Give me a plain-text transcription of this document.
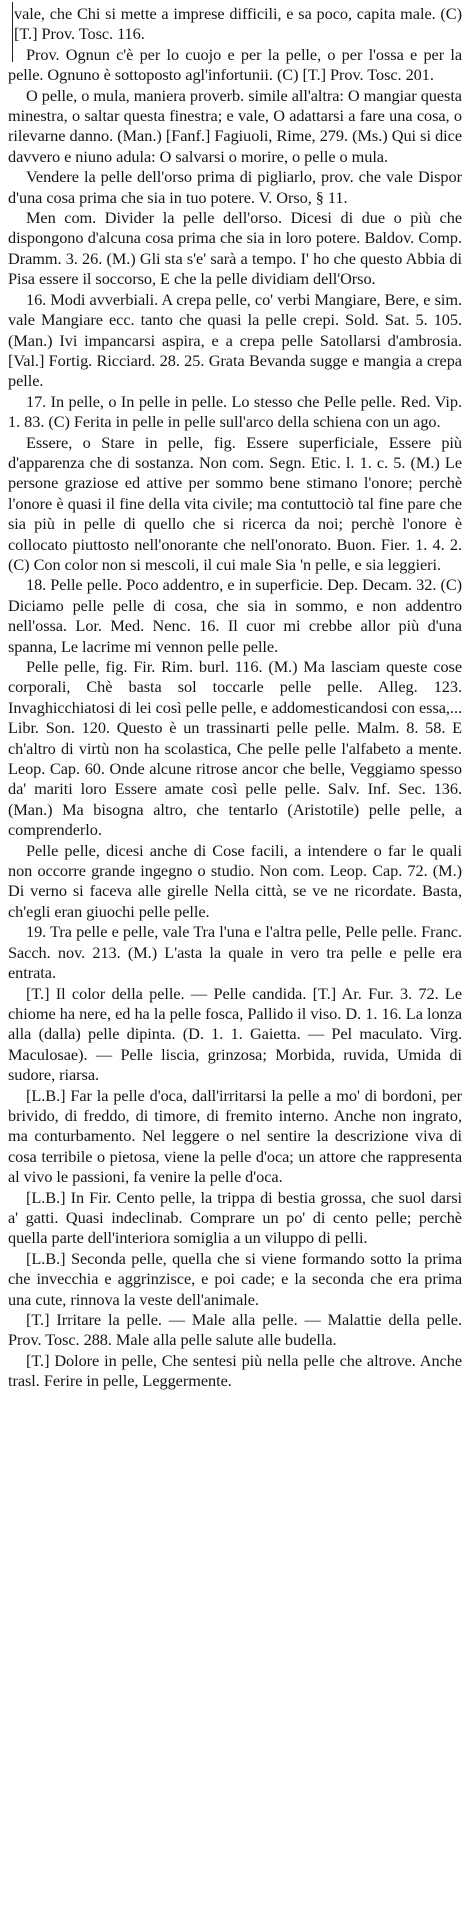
vale, che Chi si mette a imprese difficili, e sa poco, capita male. (C) [T.] Prov. Tosc. 116.

Prov. Ognun c'è per lo cuojo e per la pelle, o per l'ossa e per la pelle. Ognuno è sottoposto agl'infortunii. (C) [T.] Prov. Tosc. 201.

O pelle, o mula, maniera proverb. simile all'altra: O mangiar questa minestra, o saltar questa finestra; e vale, O adattarsi a fare una cosa, o rilevarne danno. (Man.) [Fanf.] Fagiuoli, Rime, 279. (Ms.) Qui si dice davvero e niuno adula: O salvarsi o morire, o pelle o mula.

Vendere la pelle dell'orso prima di pigliarlo, prov. che vale Dispor d'una cosa prima che sia in tuo potere. V. Orso, § 11.

Men com. Divider la pelle dell'orso. Dicesi di due o più che dispongono d'alcuna cosa prima che sia in loro potere. Baldov. Comp. Dramm. 3. 26. (M.) Gli sta s'e' sarà a tempo. I' ho che questo Abbia di Pisa essere il soccorso, E che la pelle dividiam dell'Orso.

16. Modi avverbiali. A crepa pelle, co' verbi Mangiare, Bere, e sim. vale Mangiare ecc. tanto che quasi la pelle crepi. Sold. Sat. 5. 105. (Man.) Ivi impancarsi aspira, e a crepa pelle Satollarsi d'ambrosia. [Val.] Fortig. Ricciard. 28. 25. Grata Bevanda sugge e mangia a crepa pelle.

17. In pelle, o In pelle in pelle. Lo stesso che Pelle pelle. Red. Vip. 1. 83. (C) Ferita in pelle in pelle sull'arco della schiena con un ago.

Essere, o Stare in pelle, fig. Essere superficiale, Essere più d'apparenza che di sostanza. Non com. Segn. Etic. l. 1. c. 5. (M.) Le persone graziose ed attive per sommo bene stimano l'onore; perchè l'onore è quasi il fine della vita civile; ma contuttociò tal fine pare che sia più in pelle di quello che si ricerca da noi; perchè l'onore è collocato piuttosto nell'onorante che nell'onorato. Buon. Fier. 1. 4. 2. (C) Con color non si mescoli, il cui male Sia 'n pelle, e sia leggieri.

18. Pelle pelle. Poco addentro, e in superficie. Dep. Decam. 32. (C) Diciamo pelle pelle di cosa, che sia in sommo, e non addentro nell'ossa. Lor. Med. Nenc. 16. Il cuor mi crebbe allor più d'una spanna, Le lacrime mi vennon pelle pelle.

Pelle pelle, fig. Fir. Rim. burl. 116. (M.) Ma lasciam queste cose corporali, Chè basta sol toccarle pelle pelle. Alleg. 123. Invaghicchiatosi di lei così pelle pelle, e addomesticandosi con essa,... Libr. Son. 120. Questo è un trassinarti pelle pelle. Malm. 8. 58. E ch'altro di virtù non ha scolastica, Che pelle pelle l'alfabeto a mente. Leop. Cap. 60. Onde alcune ritrose ancor che belle, Veggiamo spesso da' mariti loro Essere amate così pelle pelle. Salv. Inf. Sec. 136. (Man.) Ma bisogna altro, che tentarlo (Aristotile) pelle pelle, a comprenderlo.

Pelle pelle, dicesi anche di Cose facili, a intendere o far le quali non occorre grande ingegno o studio. Non com. Leop. Cap. 72. (M.) Di verno si faceva alle girelle Nella città, se ve ne ricordate. Basta, ch'egli eran giuochi pelle pelle.

19. Tra pelle e pelle, vale Tra l'una e l'altra pelle, Pelle pelle. Franc. Sacch. nov. 213. (M.) L'asta la quale in vero tra pelle e pelle era entrata.

[T.] Il color della pelle. — Pelle candida. [T.] Ar. Fur. 3. 72. Le chiome ha nere, ed ha la pelle fosca, Pallido il viso. D. 1. 16. La lonza alla (dalla) pelle dipinta. (D. 1. 1. Gaietta. — Pel maculato. Virg. Maculosae). — Pelle liscia, grinzosa; Morbida, ruvida, Umida di sudore, riarsa.

[L.B.] Far la pelle d'oca, dall'irritarsi la pelle a mo' di bordoni, per brivido, di freddo, di timore, di fremito interno. Anche non ingrato, ma conturbamento. Nel leggere o nel sentire la descrizione viva di cosa terribile o pietosa, viene la pelle d'oca; un attore che rappresenta al vivo le passioni, fa venire la pelle d'oca.

[L.B.] In Fir. Cento pelle, la trippa di bestia grossa, che suol darsi a' gatti. Quasi indeclinab. Comprare un po' di cento pelle; perchè quella parte dell'interiora somiglia a un viluppo di pelli.

[L.B.] Seconda pelle, quella che si viene formando sotto la prima che invecchia e aggrinzisce, e poi cade; e la seconda che era prima una cute, rinnova la veste dell'animale.

[T.] Irritare la pelle. — Male alla pelle. — Malattie della pelle. Prov. Tosc. 288. Male alla pelle salute alle budella.

[T.] Dolore in pelle, Che sentesi più nella pelle che altrove. Anche trasl. Ferire in pelle, Leggermente.
